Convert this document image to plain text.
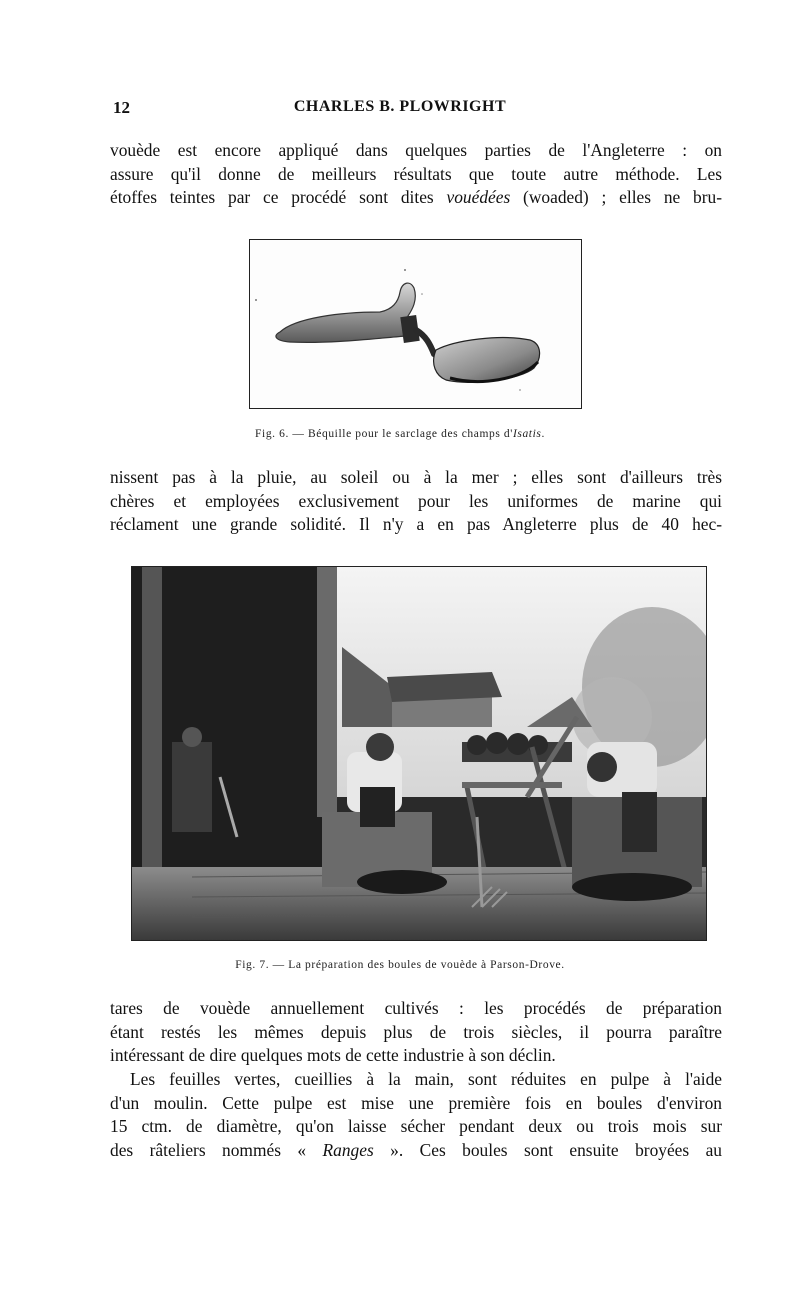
12	CHARLES B. PLOWRIGHT
vouède est encore appliqué dans quelques parties de l'Angleterre : on
assure qu'il donne de meilleurs résultats que toute autre méthode. Les
étoffes teintes par ce procédé sont dites vouédées (woaded) ; elles ne bru-
Fig. 6. — Béquille pour le sarclage des champs d'Isatis.
nissent pas à la pluie, au soleil ou à la mer ; elles sont d'ailleurs très
chères et employées exclusivement pour les uniformes de marine qui
réclament une grande solidité. Il n'y a en pas Angleterre plus de 40 hec-
Fig. 7. — La préparation des boules de vouède à Parson-Drove.
tares de vouède annuellement cultivés : les procédés de préparation
étant restés les mêmes depuis plus de trois siècles, il pourra paraître
intéressant de dire quelques mots de cette industrie à son déclin.
Les feuilles vertes, cueillies à la main, sont réduites en pulpe à l'aide
d'un moulin. Cette pulpe est mise une première fois en boules d'environ
15 ctm. de diamètre, qu'on laisse sécher pendant deux ou trois mois sur
des râteliers nommés « Ranges ». Ces boules sont ensuite broyées au
